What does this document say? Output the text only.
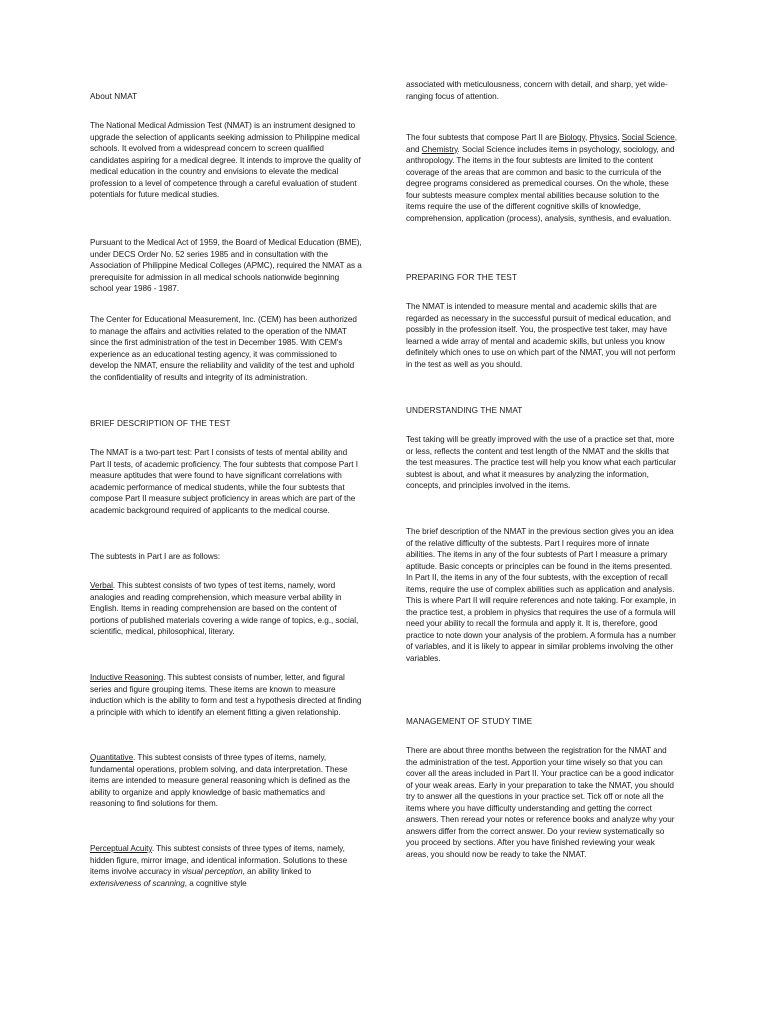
About NMAT

The National Medical Admission Test (NMAT) is an instrument designed to upgrade the selection of applicants seeking admission to Philippine medical schools. It evolved from a widespread concern to screen qualified candidates aspiring for a medical degree. It intends to improve the quality of medical education in the country and envisions to elevate the medical profession to a level of competence through a careful evaluation of student potentials for future medical studies.

Pursuant to the Medical Act of 1959, the Board of Medical Education (BME), under DECS Order No. 52 series 1985 and in consultation with the Association of Philippine Medical Colleges (APMC), required the NMAT as a prerequisite for admission in all medical schools nationwide beginning school year 1986 - 1987.

The Center for Educational Measurement, Inc. (CEM) has been authorized to manage the affairs and activities related to the operation of the NMAT since the first administration of the test in December 1985. With CEM's experience as an educational testing agency, it was commissioned to develop the NMAT, ensure the reliability and validity of the test and uphold the confidentiality of results and integrity of its administration.

BRIEF DESCRIPTION OF THE TEST

The NMAT is a two-part test: Part I consists of tests of mental ability and Part II tests, of academic proficiency. The four subtests that compose Part I measure aptitudes that were found to have significant correlations with academic performance of medical students, while the four subtests that compose Part II measure subject proficiency in areas which are part of the academic background required of applicants to the medical course.

The subtests in Part I are as follows:

Verbal. This subtest consists of two types of test items, namely, word analogies and reading comprehension, which measure verbal ability in English. Items in reading comprehension are based on the content of portions of published materials covering a wide range of topics, e.g., social, scientific, medical, philosophical, literary.

Inductive Reasoning. This subtest consists of number, letter, and figural series and figure grouping items. These items are known to measure induction which is the ability to form and test a hypothesis directed at finding a principle with which to identify an element fitting a given relationship.

Quantitative. This subtest consists of three types of items, namely, fundamental operations, problem solving, and data interpretation. These items are intended to measure general reasoning which is defined as the ability to organize and apply knowledge of basic mathematics and reasoning to find solutions for them.

Perceptual Acuity. This subtest consists of three types of items, namely, hidden figure, mirror image, and identical information. Solutions to these items involve accuracy in visual perception, an ability linked to extensiveness of scanning, a cognitive style

associated with meticulousness, concern with detail, and sharp, yet wide-ranging focus of attention.

The four subtests that compose Part II are Biology, Physics, Social Science, and Chemistry. Social Science includes items in psychology, sociology, and anthropology. The items in the four subtests are limited to the content coverage of the areas that are common and basic to the curricula of the degree programs considered as premedical courses. On the whole, these four subtests measure complex mental abilities because solution to the items require the use of the different cognitive skills of knowledge, comprehension, application (process), analysis, synthesis, and evaluation.

PREPARING FOR THE TEST

The NMAT is intended to measure mental and academic skills that are regarded as necessary in the successful pursuit of medical education, and possibly in the profession itself. You, the prospective test taker, may have learned a wide array of mental and academic skills, but unless you know definitely which ones to use on which part of the NMAT, you will not perform in the test as well as you should.

UNDERSTANDING THE NMAT

Test taking will be greatly improved with the use of a practice set that, more or less, reflects the content and test length of the NMAT and the skills that the test measures. The practice test will help you know what each particular subtest is about, and what it measures by analyzing the information, concepts, and principles involved in the items.

The brief description of the NMAT in the previous section gives you an idea of the relative difficulty of the subtests. Part I requires more of innate abilities. The items in any of the four subtests of Part I measure a primary aptitude. Basic concepts or principles can be found in the items presented. In Part II, the items in any of the four subtests, with the exception of recall items, require the use of complex abilities such as application and analysis. This is where Part II will require references and note taking. For example, in the practice test, a problem in physics that requires the use of a formula will need your ability to recall the formula and apply it. It is, therefore, good practice to note down your analysis of the problem. A formula has a number of variables, and it is likely to appear in similar problems involving the other variables.

MANAGEMENT OF STUDY TIME

There are about three months between the registration for the NMAT and the administration of the test. Apportion your time wisely so that you can cover all the areas included in Part II. Your practice can be a good indicator of your weak areas. Early in your preparation to take the NMAT, you should try to answer all the questions in your practice set. Tick off or note all the items where you have difficulty understanding and getting the correct answers. Then reread your notes or reference books and analyze why your answers differ from the correct answer. Do your review systematically so you proceed by sections. After you have finished reviewing your weak areas, you should now be ready to take the NMAT.
